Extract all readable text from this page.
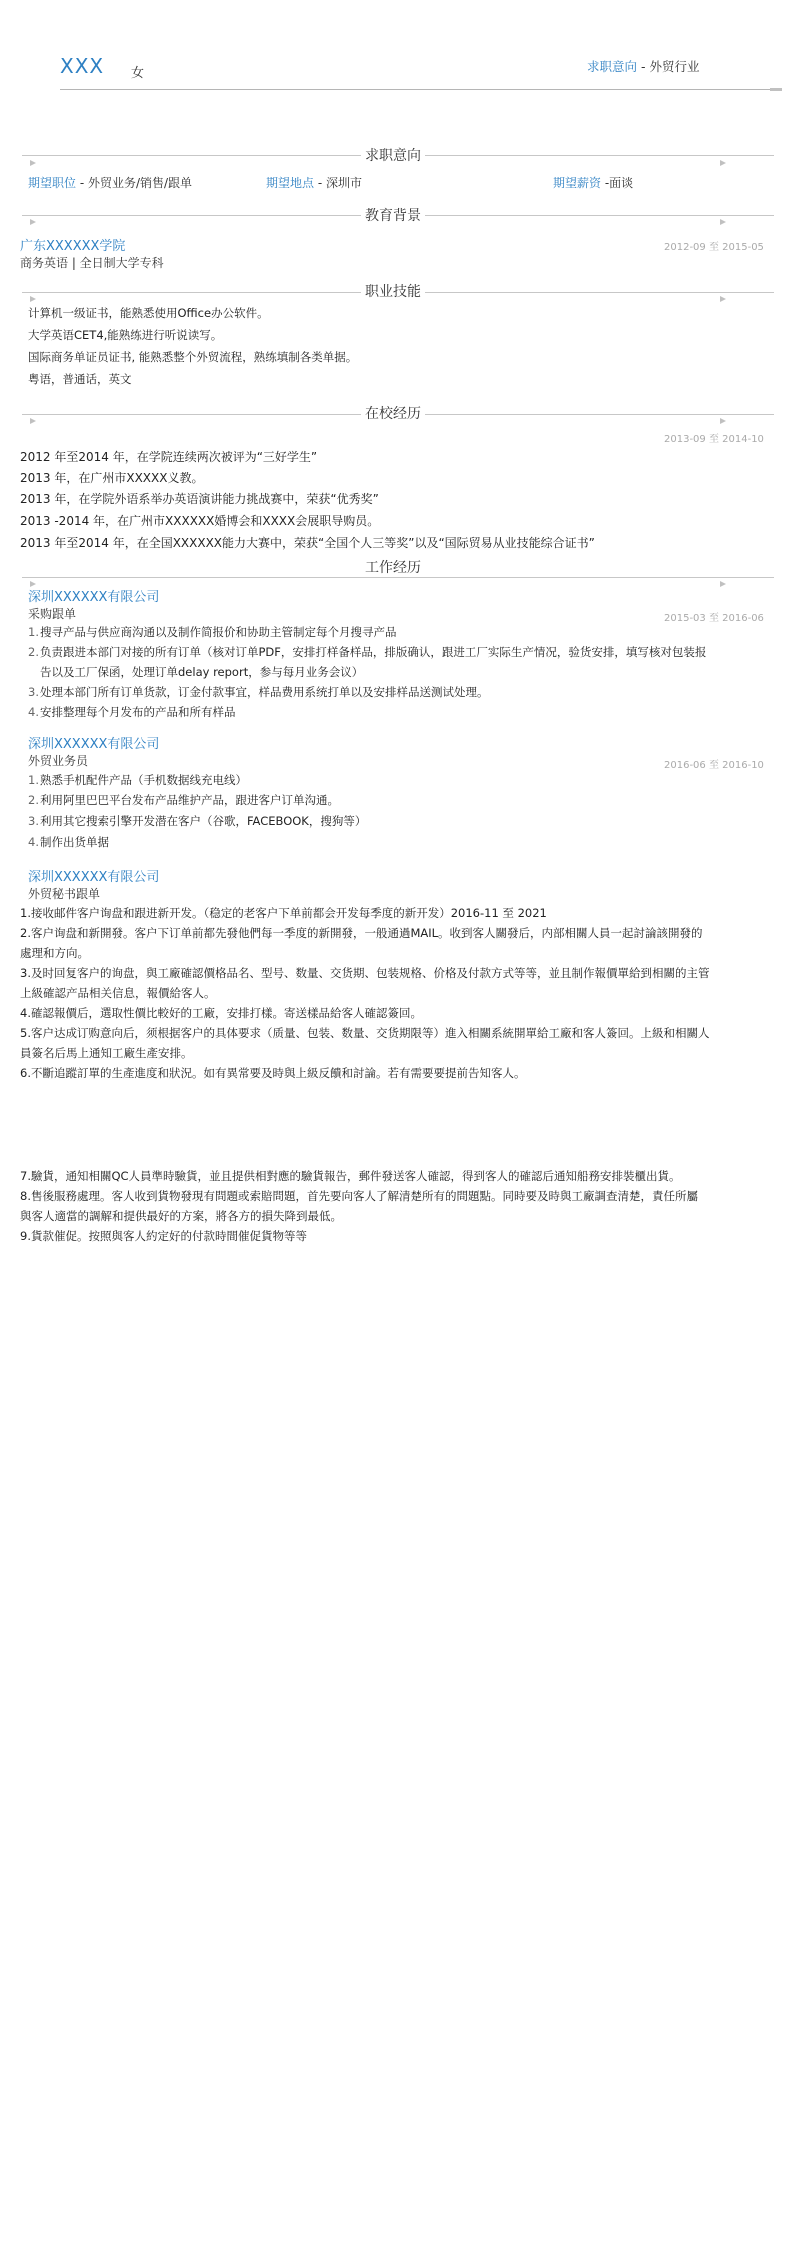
XXX 女	求职意向 - 外贸行业
求职意向
期望职位 - 外贸业务/销售/跟单	期望地点 - 深圳市	期望薪资 -面谈
教育背景
广东XXXXXX学院	2012-09 至 2015-05
商务英语 | 全日制大学专科
职业技能
计算机一级证书，能熟悉使用Office办公软件。
大学英语CET4,能熟练进行听说读写。
国际商务单证员证书, 能熟悉整个外贸流程，熟练填制各类单据。
粤语，普通话，英文
在校经历
2013-09 至 2014-10
2012 年至2014 年，在学院连续两次被评为“三好学生”
2013 年，在广州市XXXXX义教。
2013 年，在学院外语系举办英语演讲能力挑战赛中，荣获“优秀奖”
2013 -2014 年，在广州市XXXXXX婚博会和XXXX会展职导购员。
2013 年至2014 年，在全国XXXXXX能力大赛中，荣获“全国个人三等奖”以及“国际贸易从业技能综合证书”
工作经历
深圳XXXXXX有限公司
采购跟单	2015-03 至 2016-06
1.搜寻产品与供应商沟通以及制作简报价和协助主管制定每个月搜寻产品
2.负责跟进本部门对接的所有订单（核对订单PDF，安排打样备样品，排版确认，跟进工厂实际生产情况，验货安排，填写核对包装报
告以及工厂保函，处理订单delay report，参与每月业务会议）
3.处理本部门所有订单货款，订金付款事宜，样品费用系统打单以及安排样品送测试处理。
4.安排整理每个月发布的产品和所有样品
深圳XXXXXX有限公司
外贸业务员	2016-06 至 2016-10
1.熟悉手机配件产品（手机数据线充电线）
2.利用阿里巴巴平台发布产品维护产品，跟进客户订单沟通。
3.利用其它搜索引擎开发潜在客户（谷歌，FACEBOOK，搜狗等）
4.制作出货单据
深圳XXXXXX有限公司
外贸秘书跟单
1.接收邮件客户询盘和跟进新开发。（稳定的老客户下单前都会开发每季度的新开发）2016-11 至 2021
2.客户询盘和新開發。客户下订单前都先發他們每一季度的新開發，一般通過MAIL。收到客人關發后，内部相關人員一起討論該開發的
處理和方向。
3.及时回复客户的询盘，與工廠確認價格品名、型号、数量、交货期、包装规格、价格及付款方式等等，並且制作報價單給到相關的主管
上級確認产品相关信息，報價給客人。
4.確認報價后，選取性價比較好的工廠，安排打樣。寄送樣品給客人確認簽回。
5.客户达成订购意向后，须根据客户的具体要求（质量、包装、数量、交货期限等）進入相關系統開單給工廠和客人簽回。上級和相關人
員簽名后馬上通知工廠生產安排。
6.不斷追蹤訂單的生產進度和狀況。如有異常要及時與上級反饋和討論。若有需要要提前告知客人。
7.驗貨，通知相關QC人員準時驗貨，並且提供相對應的驗貨報告，郵件發送客人確認，得到客人的確認后通知船務安排裝櫃出貨。
8.售後服務處理。客人收到貨物發現有問題或索賠問題，首先要向客人了解清楚所有的問題點。同時要及時與工廠調查清楚，責任所屬
與客人適當的調解和提供最好的方案，將各方的損失降到最低。
9.貨款催促。按照與客人約定好的付款時間催促貨物等等
